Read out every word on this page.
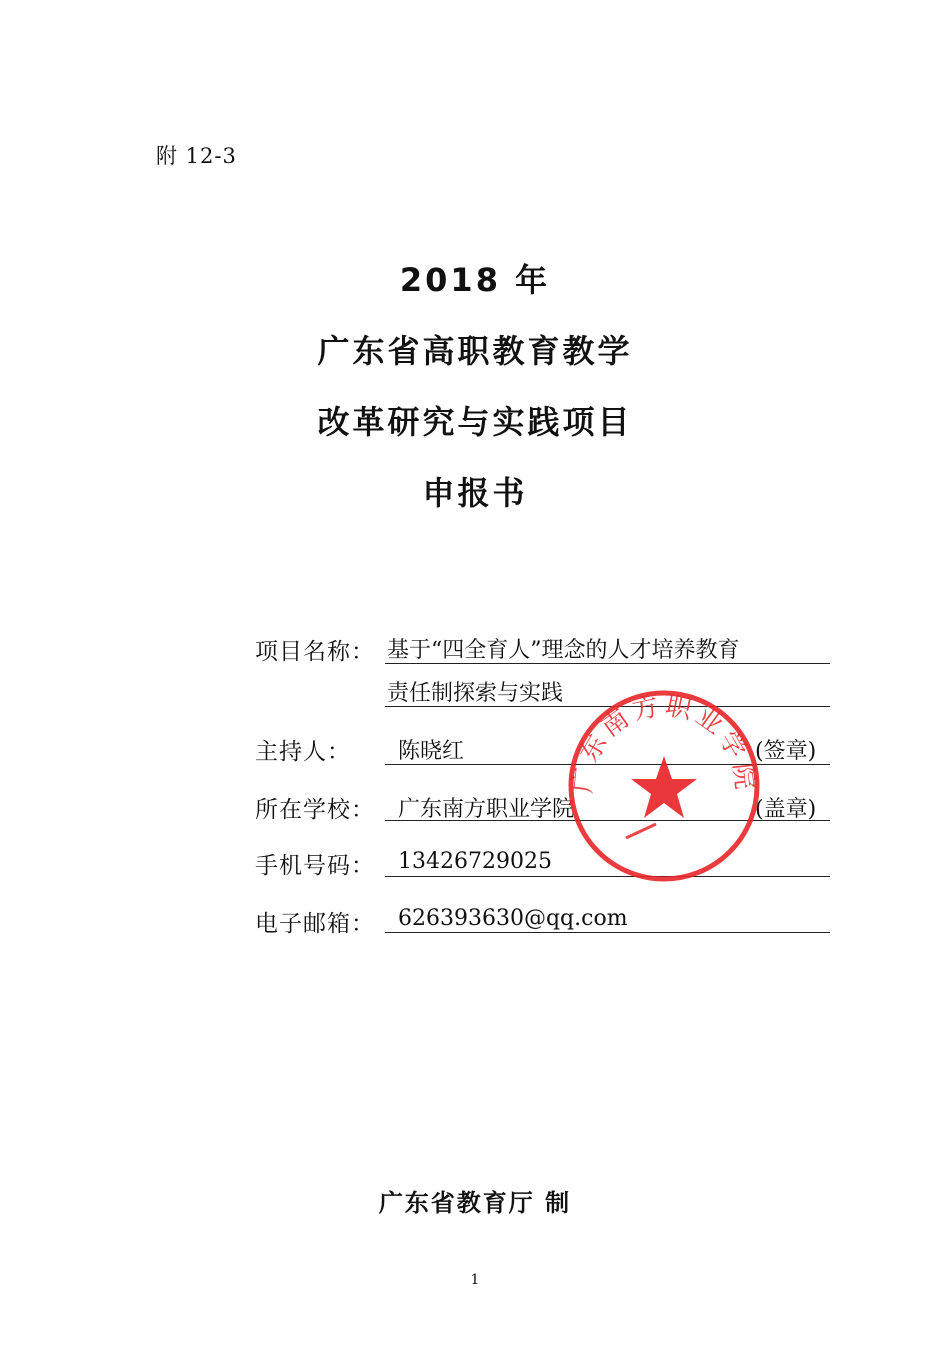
附 12-3
2018 年
广东省高职教育教学
改革研究与实践项目
申报书
项目名称： 基于“四全育人”理念的人才培养教育
责任制探索与实践
主持人： 陈晓红	(签章)
所在学校： 广东南方职业学院	(盖章)
手机号码： 13426729025
电子邮箱： 626393630@qq.com
广东南方职业学院
广东省教育厅 制
1
